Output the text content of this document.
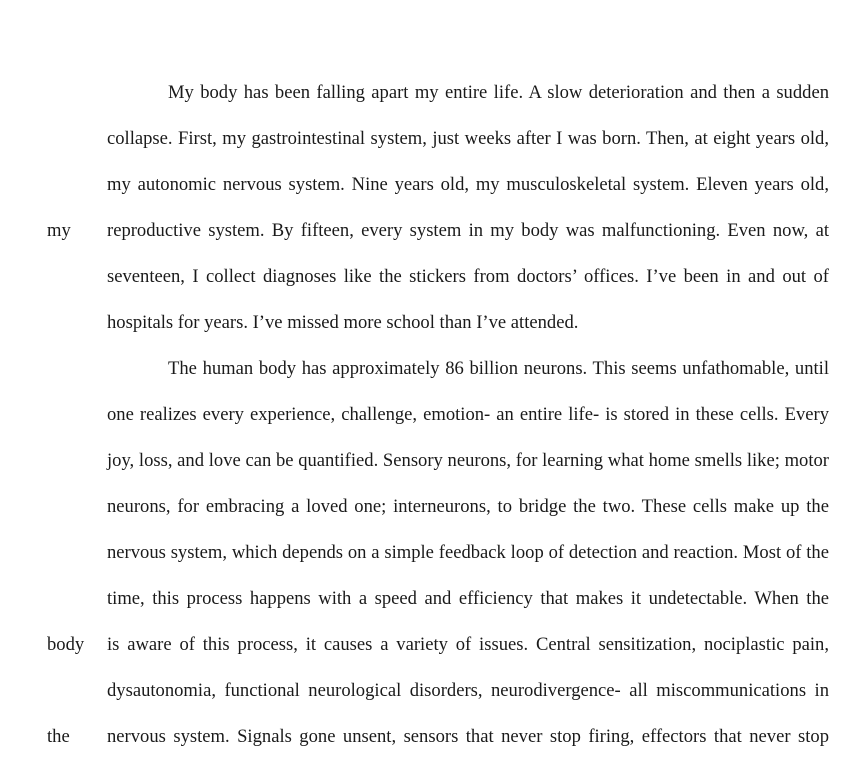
My body has been falling apart my entire life. A slow deterioration and then a sudden
collapse. First, my gastrointestinal system, just weeks after I was born. Then, at eight years old,
my autonomic nervous system. Nine years old, my musculoskeletal system. Eleven years old, my	reproductive system. By fifteen, every system in my body was malfunctioning. Even now, at
seventeen, I collect diagnoses like the stickers from doctors’ offices. I’ve been in and out of
hospitals for years. I’ve missed more school than I’ve attended.
The human body has approximately 86 billion neurons. This seems unfathomable, until
one realizes every experience, challenge, emotion- an entire life- is stored in these cells. Every
joy, loss, and love can be quantified. Sensory neurons, for learning what home smells like; motor
neurons, for embracing a loved one; interneurons, to bridge the two. These cells make up the
nervous system, which depends on a simple feedback loop of detection and reaction. Most of the
time, this process happens with a speed and efficiency that makes it undetectable. When the body	is aware of this process, it causes a variety of issues. Central sensitization, nociplastic pain,
dysautonomia, functional neurological disorders, neurodivergence- all miscommunications in the	nervous system. Signals gone unsent, sensors that never stop firing, effectors that never stop
